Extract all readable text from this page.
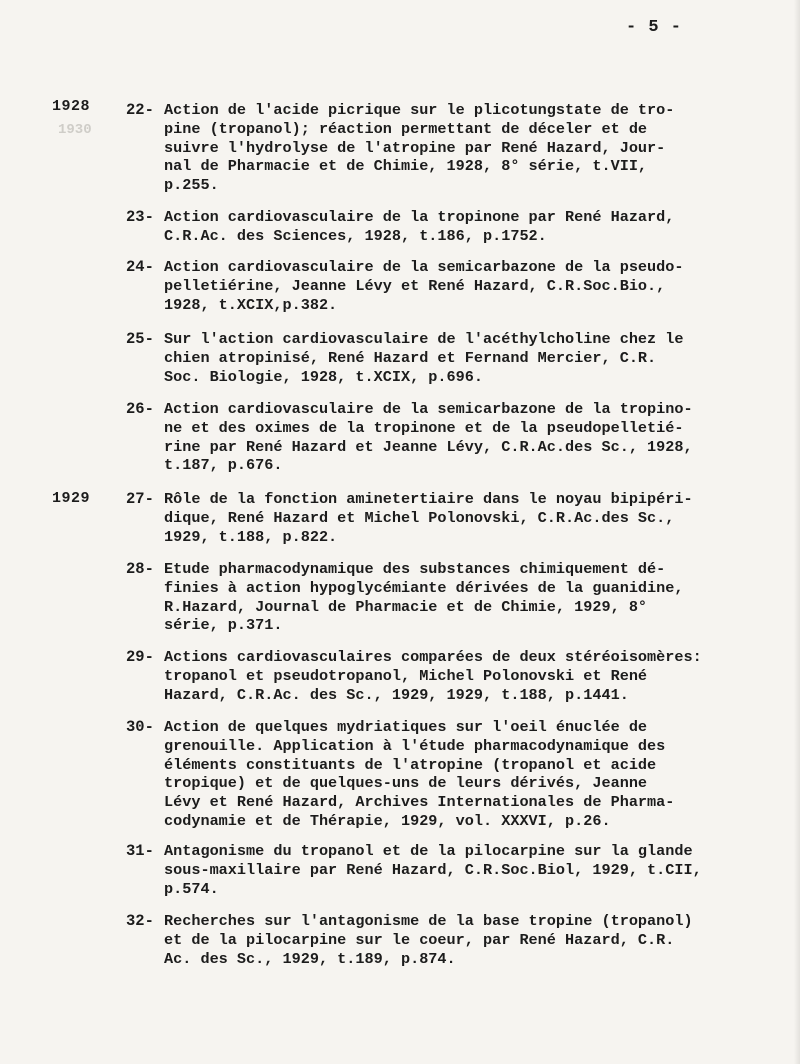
- 5 -
1930
1928
1929
22- Action de l'acide picrique sur le plicotungstate de tro-
pine (tropanol); réaction permettant de déceler et de
suivre l'hydrolyse de l'atropine par René Hazard, Jour-
nal de Pharmacie et de Chimie, 1928, 8° série, t.VII,
p.255.
23- Action cardiovasculaire de la tropinone par René Hazard,
C.R.Ac. des Sciences, 1928, t.186, p.1752.
24- Action cardiovasculaire de la semicarbazone de la pseudo-
pelletiérine, Jeanne Lévy et René Hazard, C.R.Soc.Bio.,
1928, t.XCIX,p.382.
25- Sur l'action cardiovasculaire de l'acéthylcholine chez le
chien atropinisé, René Hazard et Fernand Mercier, C.R.
Soc. Biologie, 1928, t.XCIX, p.696.
26- Action cardiovasculaire de la semicarbazone de la tropino-
ne et des oximes de la tropinone et de la pseudopelletié-
rine par René Hazard et Jeanne Lévy, C.R.Ac.des Sc., 1928,
t.187, p.676.
27- Rôle de la fonction aminetertiaire dans le noyau bipipéri-
dique, René Hazard et Michel Polonovski, C.R.Ac.des Sc.,
1929, t.188, p.822.
28- Etude pharmacodynamique des substances chimiquement dé-
finies à action hypoglycémiante dérivées de la guanidine,
R.Hazard, Journal de Pharmacie et de Chimie, 1929, 8°
série, p.371.
29- Actions cardiovasculaires comparées de deux stéréoisomères:
tropanol et pseudotropanol, Michel Polonovski et René
Hazard, C.R.Ac. des Sc., 1929, 1929, t.188, p.1441.
30- Action de quelques mydriatiques sur l'oeil énuclée de
grenouille. Application à l'étude pharmacodynamique des
éléments constituants de l'atropine (tropanol et acide
tropique) et de quelques-uns de leurs dérivés, Jeanne
Lévy et René Hazard, Archives Internationales de Pharma-
codynamie et de Thérapie, 1929, vol. XXXVI, p.26.
31- Antagonisme du tropanol et de la pilocarpine sur la glande
sous-maxillaire par René Hazard, C.R.Soc.Biol, 1929, t.CII,
p.574.
32- Recherches sur l'antagonisme de la base tropine (tropanol)
et de la pilocarpine sur le coeur, par René Hazard, C.R.
Ac. des Sc., 1929, t.189, p.874.
